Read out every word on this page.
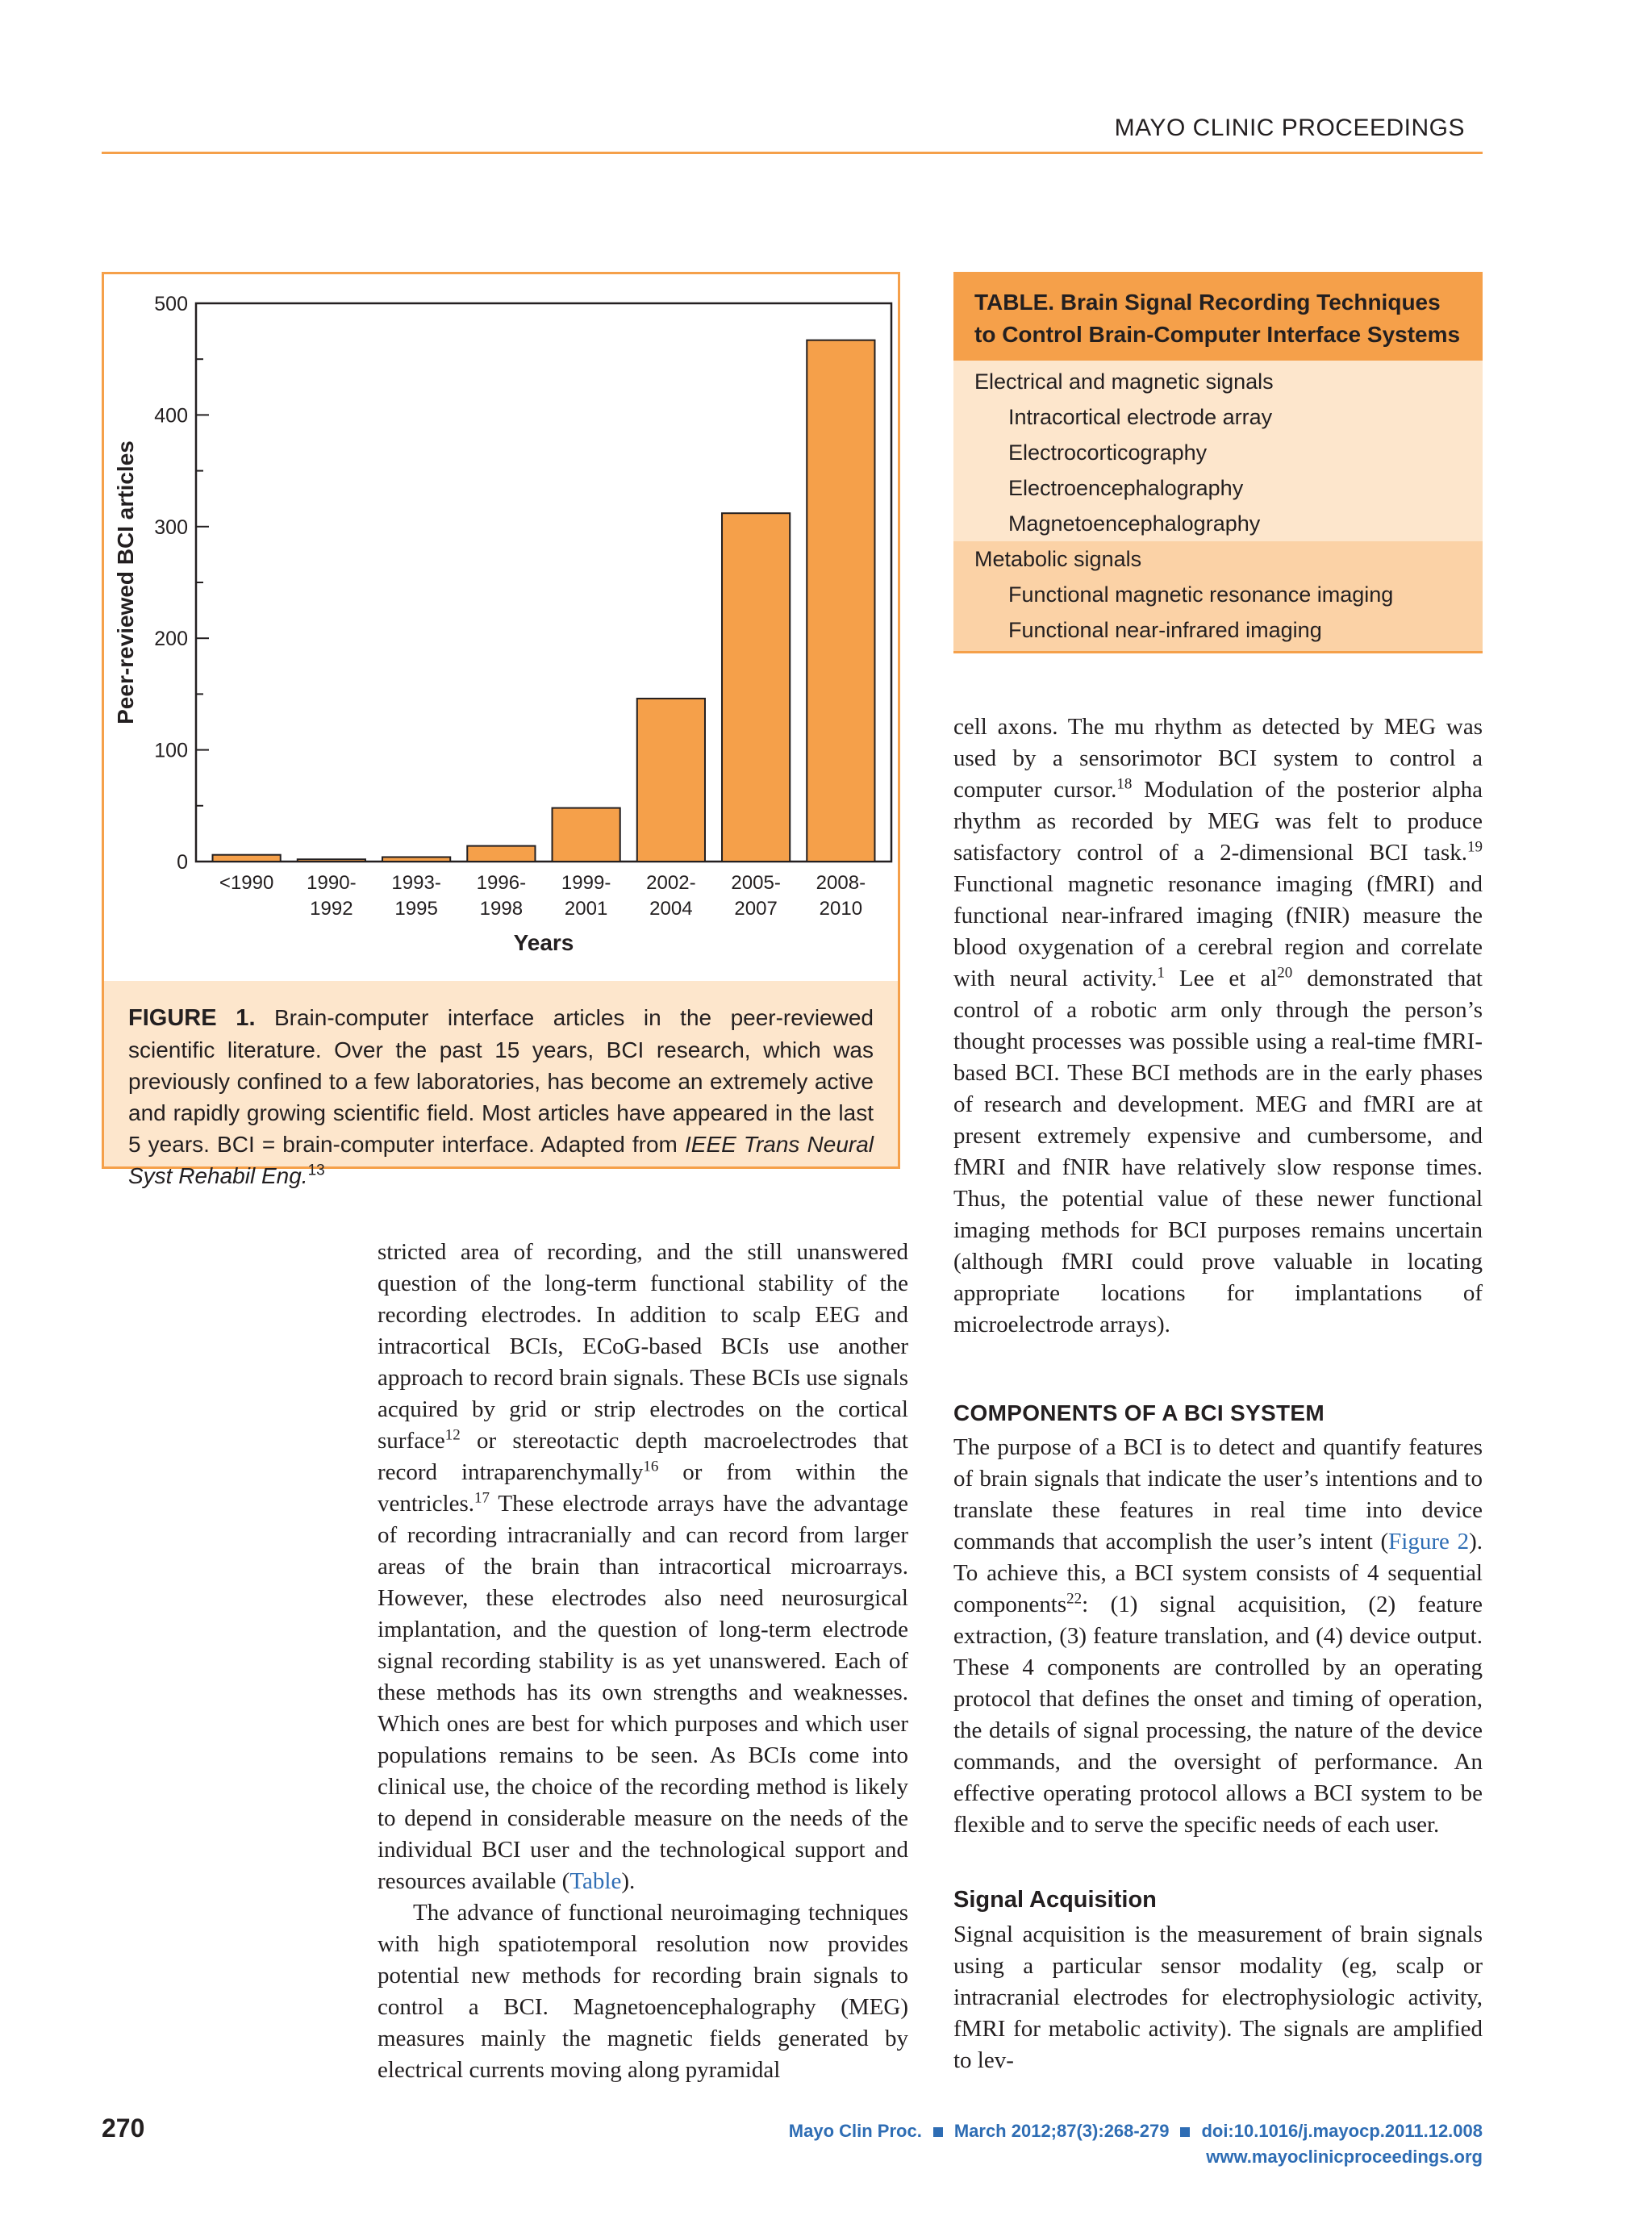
MAYO CLINIC PROCEEDINGS
0
100
200
300
400
500
<1990 1990-
1992
1993-
1995
1996-
1998
1999-
2001
2002-
2004
2005-
2007
2008-
2010
Years
Peer-reviewed BCI articles
FIGURE 1. Brain-computer interface articles in the peer-reviewed scientific literature. Over the past 15 years, BCI research, which was previously confined to a few laboratories, has become an extremely active and rapidly growing scientific field. Most articles have appeared in the last 5 years. BCI = brain-computer interface. Adapted from IEEE Trans Neural Syst Rehabil Eng.$^{13}$
TABLE. Brain Signal Recording Techniques to Control Brain-Computer Interface Systems
Electrical and magnetic signals
Intracortical electrode array
Electrocorticography
Electroencephalography
Magnetoencephalography
Metabolic signals
Functional magnetic resonance imaging
Functional near-infrared imaging

stricted area of recording, and the still unanswered question of the long-term functional stability of the recording electrodes. In addition to scalp EEG and intracortical BCIs, ECoG-based BCIs use another approach to record brain signals. These BCIs use signals acquired by grid or strip electrodes on the cortical surface$^{12}$ or stereotactic depth macroelectrodes that record intraparenchymally$^{16}$ or from within the ventricles.$^{17}$ These electrode arrays have the advantage of recording intracranially and can record from larger areas of the brain than intracortical microarrays. However, these electrodes also need neurosurgical implantation, and the question of long-term electrode signal recording stability is as yet unanswered. Each of these methods has its own strengths and weaknesses. Which ones are best for which purposes and which user populations remains to be seen. As BCIs come into clinical use, the choice of the recording method is likely to depend in considerable measure on the needs of the individual BCI user and the technological support and resources available (Table).

The advance of functional neuroimaging techniques with high spatiotemporal resolution now provides potential new methods for recording brain signals to control a BCI. Magnetoencephalography (MEG) measures mainly the magnetic fields generated by electrical currents moving along pyramidal

cell axons. The mu rhythm as detected by MEG was used by a sensorimotor BCI system to control a computer cursor.$^{18}$ Modulation of the posterior alpha rhythm as recorded by MEG was felt to produce satisfactory control of a 2-dimensional BCI task.$^{19}$ Functional magnetic resonance imaging (fMRI) and functional near-infrared imaging (fNIR) measure the blood oxygenation of a cerebral region and correlate with neural activity.$^1$ Lee et $al^{20}$ demonstrated that control of a robotic arm only through the person’s thought processes was possible using a real-time fMRI-based BCI. These BCI methods are in the early phases of research and development. MEG and fMRI are at present extremely expensive and cumbersome, and fMRI and fNIR have relatively slow response times. Thus, the potential value of these newer functional imaging methods for BCI purposes remains uncertain (although fMRI could prove valuable in locating appropriate locations for implantations of microelectrode arrays).

COMPONENTS OF A BCI SYSTEM

The purpose of a BCI is to detect and quantify features of brain signals that indicate the user’s intentions and to translate these features in real time into device commands that accomplish the user’s intent (Figure 2). To achieve this, a BCI system consists of 4 sequential components$^{22}$: (1) signal acquisition, (2) feature extraction, (3) feature translation, and (4) device output. These 4 components are controlled by an operating protocol that defines the onset and timing of operation, the details of signal processing, the nature of the device commands, and the oversight of performance. An effective operating protocol allows a BCI system to be flexible and to serve the specific needs of each user.

Signal Acquisition

Signal acquisition is the measurement of brain signals using a particular sensor modality (eg, scalp or intracranial electrodes for electrophysiologic activity, fMRI for metabolic activity). The signals are amplified to lev-

270	Mayo Clin Proc. March 2012;87(3):268-279 doi:10.1016/j.mayocp.2011.12.008
www.mayoclinicproceedings.org
